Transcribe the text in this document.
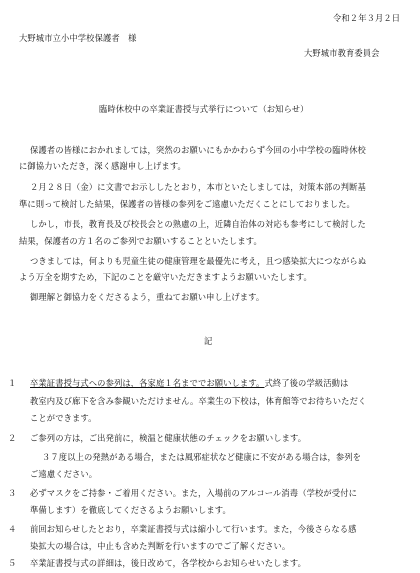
令和２年３月２日
大野城市立小中学校保護者　様
大野城市教育委員会
臨時休校中の卒業証書授与式挙行について（お知らせ）
保護者の皆様におかれましては，突然のお願いにもかかわらず今回の小中学校の臨時休校
に御協力いただき，深く感謝申し上げます。
２月２８日（金）に文書でお示ししたとおり，本市といたしましては，対策本部の判断基
準に則って検討した結果，保護者の皆様の参列をご遠慮いただくことにしておりました。
しかし，市長，教育長及び校長会との熟慮の上，近隣自治体の対応も参考にして検討した
結果，保護者の方１名のご参列でお願いすることといたします。
つきましては，何よりも児童生徒の健康管理を最優先に考え，且つ感染拡大につながらぬ
よう万全を期すため，下記のことを厳守いただきますようお願いいたします。
御理解と御協力をくださるよう，重ねてお願い申し上げます。
記
１ 卒業証書授与式への参列は，各家庭１名まででお願いします。式終了後の学級活動は
教室内及び廊下を含み参観いただけません。卒業生の下校は，体育館等でお待ちいただく
ことができます。
２ ご参列の方は，ご出発前に，検温と健康状態のチェックをお願いします。
３７度以上の発熱がある場合，または風邪症状など健康に不安がある場合は，参列を
ご遠慮ください。
３ 必ずマスクをご持参・ご着用ください。また，入場前のアルコール消毒（学校が受付に
準備します）を徹底してくださるようお願いします。
４ 前回お知らせしたとおり，卒業証書授与式は縮小して行います。また，今後さらなる感
染拡大の場合は，中止も含めた判断を行いますのでご了解ください。
５ 卒業証書授与式の詳細は，後日改めて，各学校からお知らせいたします。
